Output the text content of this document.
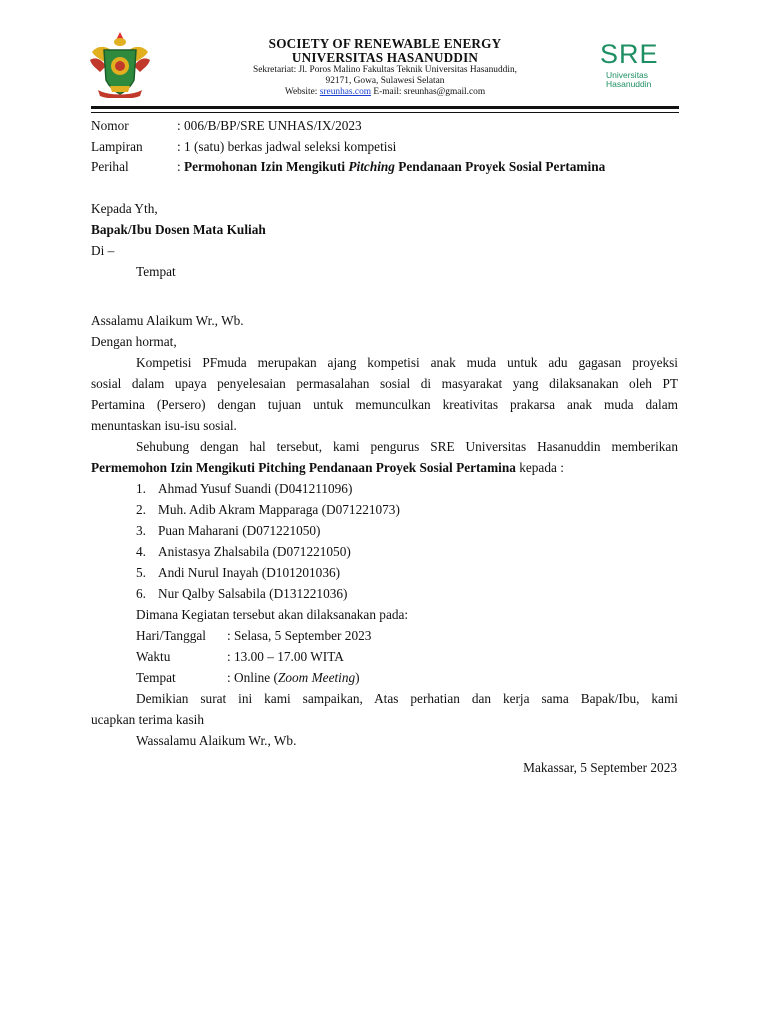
SRE
Universitas
Hasanuddin
SOCIETY OF RENEWABLE ENERGY
UNIVERSITAS HASANUDDIN
Sekretariat: Jl. Poros Malino Fakultas Teknik Universitas Hasanuddin,
92171, Gowa, Sulawesi Selatan
Website: sreunhas.com E-mail: sreunhas@gmail.com
Nomor	: 006/B/BP/SRE UNHAS/IX/2023
Lampiran	: 1 (satu) berkas jadwal seleksi kompetisi
Perihal	: Permohonan Izin Mengikuti Pitching Pendanaan Proyek Sosial Pertamina
Kepada Yth,
Bapak/Ibu Dosen Mata Kuliah
Di –
Tempat
Assalamu Alaikum Wr., Wb.
Dengan hormat,
Kompetisi PFmuda merupakan ajang kompetisi anak muda untuk adu gagasan proyeksi
sosial dalam upaya penyelesaian permasalahan sosial di masyarakat yang dilaksanakan oleh PT
Pertamina (Persero) dengan tujuan untuk memunculkan kreativitas prakarsa anak muda dalam
menuntaskan isu-isu sosial.
Sehubung dengan hal tersebut, kami pengurus SRE Universitas Hasanuddin memberikan
Permemohon Izin Mengikuti Pitching Pendanaan Proyek Sosial Pertamina kepada :
1. Ahmad Yusuf Suandi (D041211096)
2. Muh. Adib Akram Mapparaga (D071221073)
3. Puan Maharani (D071221050)
4. Anistasya Zhalsabila (D071221050)
5. Andi Nurul Inayah (D101201036)
6. Nur Qalby Salsabila (D131221036)
Dimana Kegiatan tersebut akan dilaksanakan pada:
Hari/Tanggal : Selasa, 5 September 2023
Waktu	: 13.00 – 17.00 WITA
Tempat	: Online (Zoom Meeting)
Demikian surat ini kami sampaikan, Atas perhatian dan kerja sama Bapak/Ibu, kami
ucapkan terima kasih
Wassalamu Alaikum Wr., Wb.
Makassar, 5 September 2023
